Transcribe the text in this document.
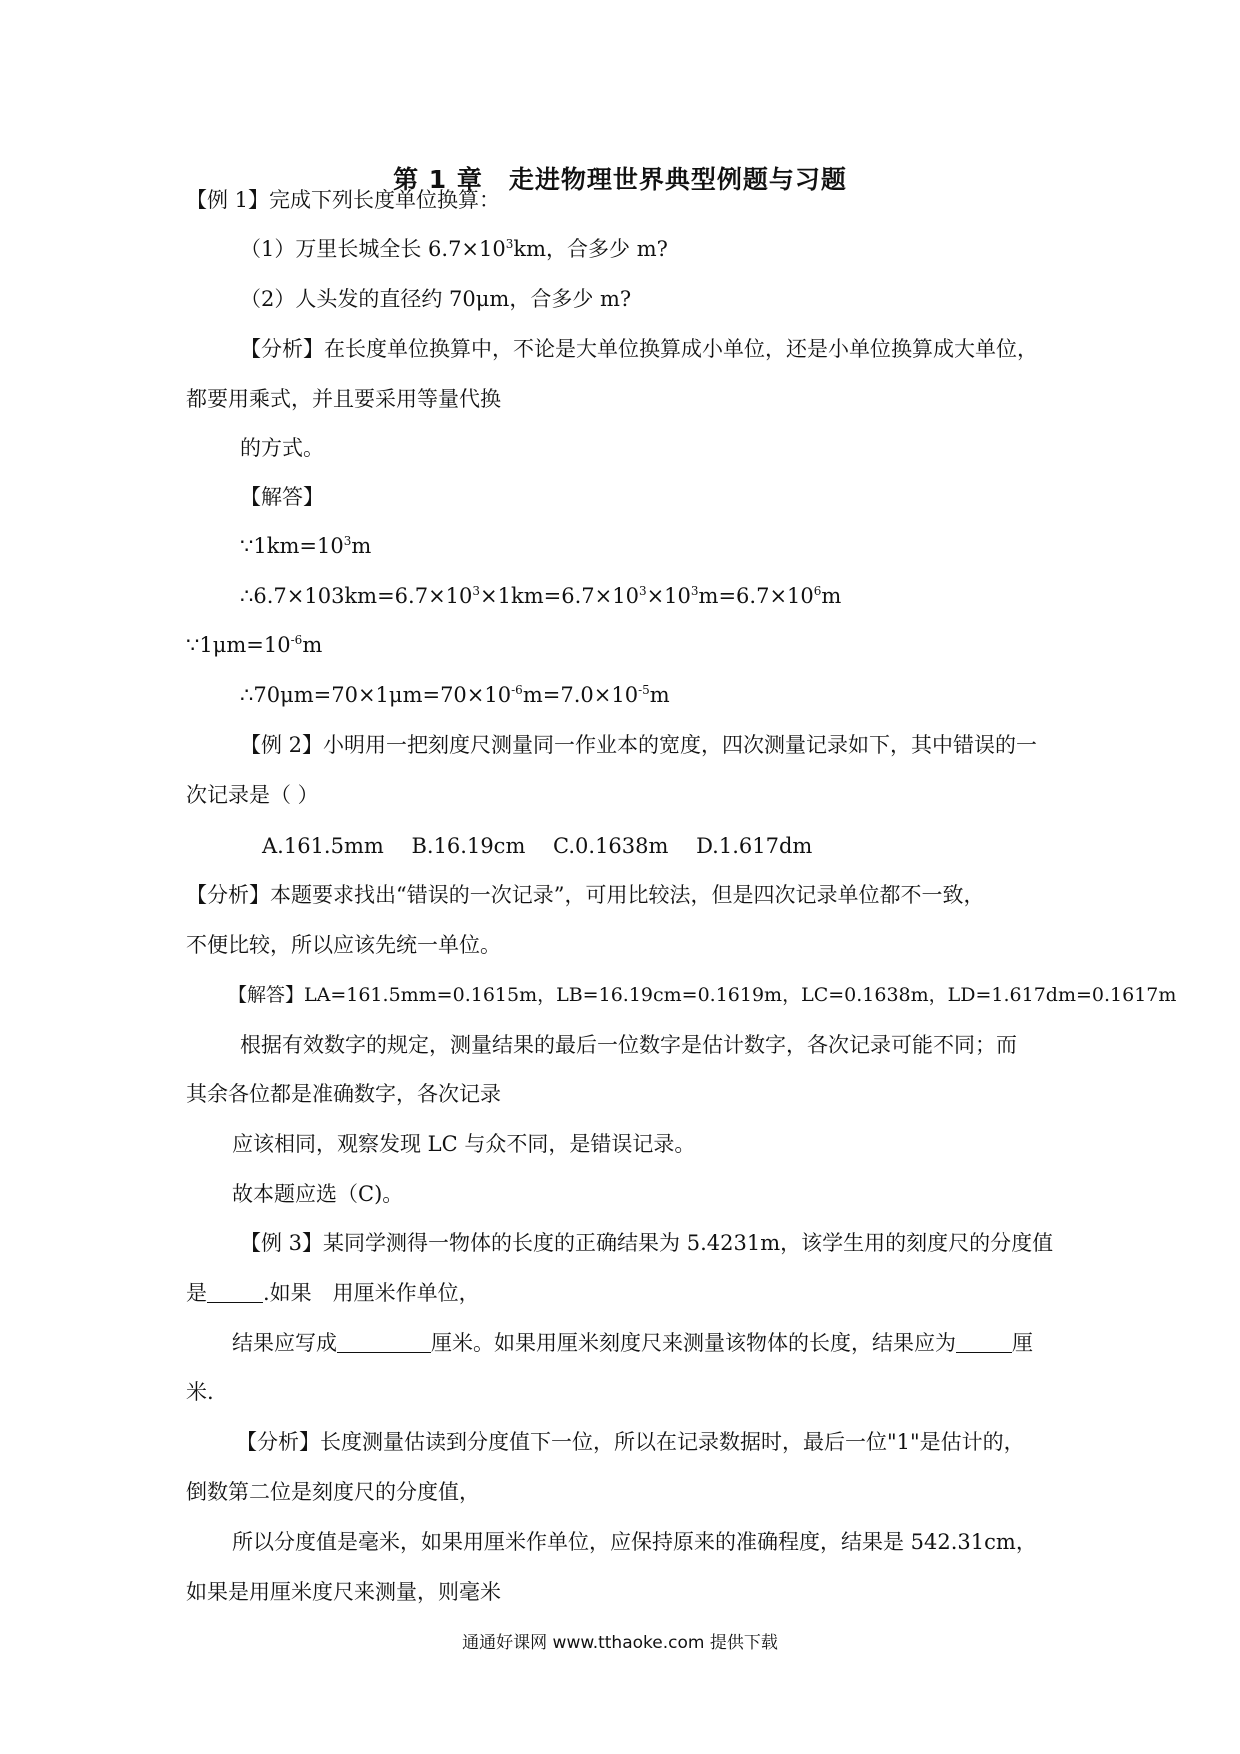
第 1 章　走进物理世界典型例题与习题
【例 1】完成下列长度单位换算：
（1）万里长城全长 $6.7\times 10^3km$，合多少 m?
（2）人头发的直径约 70μm，合多少 m?
【分析】在长度单位换算中，不论是大单位换算成小单位，还是小单位换算成大单位，
都要用乘式，并且要采用等量代换
的方式。
【解答】
$\because 1km=10^3m$
$\therefore 6.7\times 103km=6.7\times 10^3\times 1km=6.7\times 10^3\times 10^3m=6.7\times 10^6m$
$\because 1\mu m=10^{-6}m$
$\therefore 70\mu m=70\times 1\mu m=70\times 10^{-6}m=7.0\times 10^{-5}m$
【例 2】小明用一把刻度尺测量同一作业本的宽度，四次测量记录如下，其中错误的一
次记录是（ ）
A.161.5mm　 B.16.19cm　 C.0.1638m　 D.1.617dm
【分析】本题要求找出“错误的一次记录”，可用比较法，但是四次记录单位都不一致，
不便比较，所以应该先统一单位。
【解答】LA=161.5mm=0.1615m，LB=16.19cm=0.1619m，LC=0.1638m，LD=1.617dm=0.1617m
根据有效数字的规定，测量结果的最后一位数字是估计数字，各次记录可能不同；而
其余各位都是准确数字，各次记录
应该相同，观察发现 LC 与众不同，是错误记录。
故本题应选（C)。
【例 3】某同学测得一物体的长度的正确结果为 5.4231m，该学生用的刻度尺的分度值
是	.如果　用厘米作单位，
结果应写成	厘米。如果用厘米刻度尺来测量该物体的长度，结果应为	厘
米.
【分析】长度测量估读到分度值下一位，所以在记录数据时，最后一位"1"是估计的，
倒数第二位是刻度尺的分度值，
所以分度值是毫米，如果用厘米作单位，应保持原来的准确程度，结果是 542.31cm，
如果是用厘米度尺来测量，则毫米
通通好课网 www.tthaoke.com 提供下载
